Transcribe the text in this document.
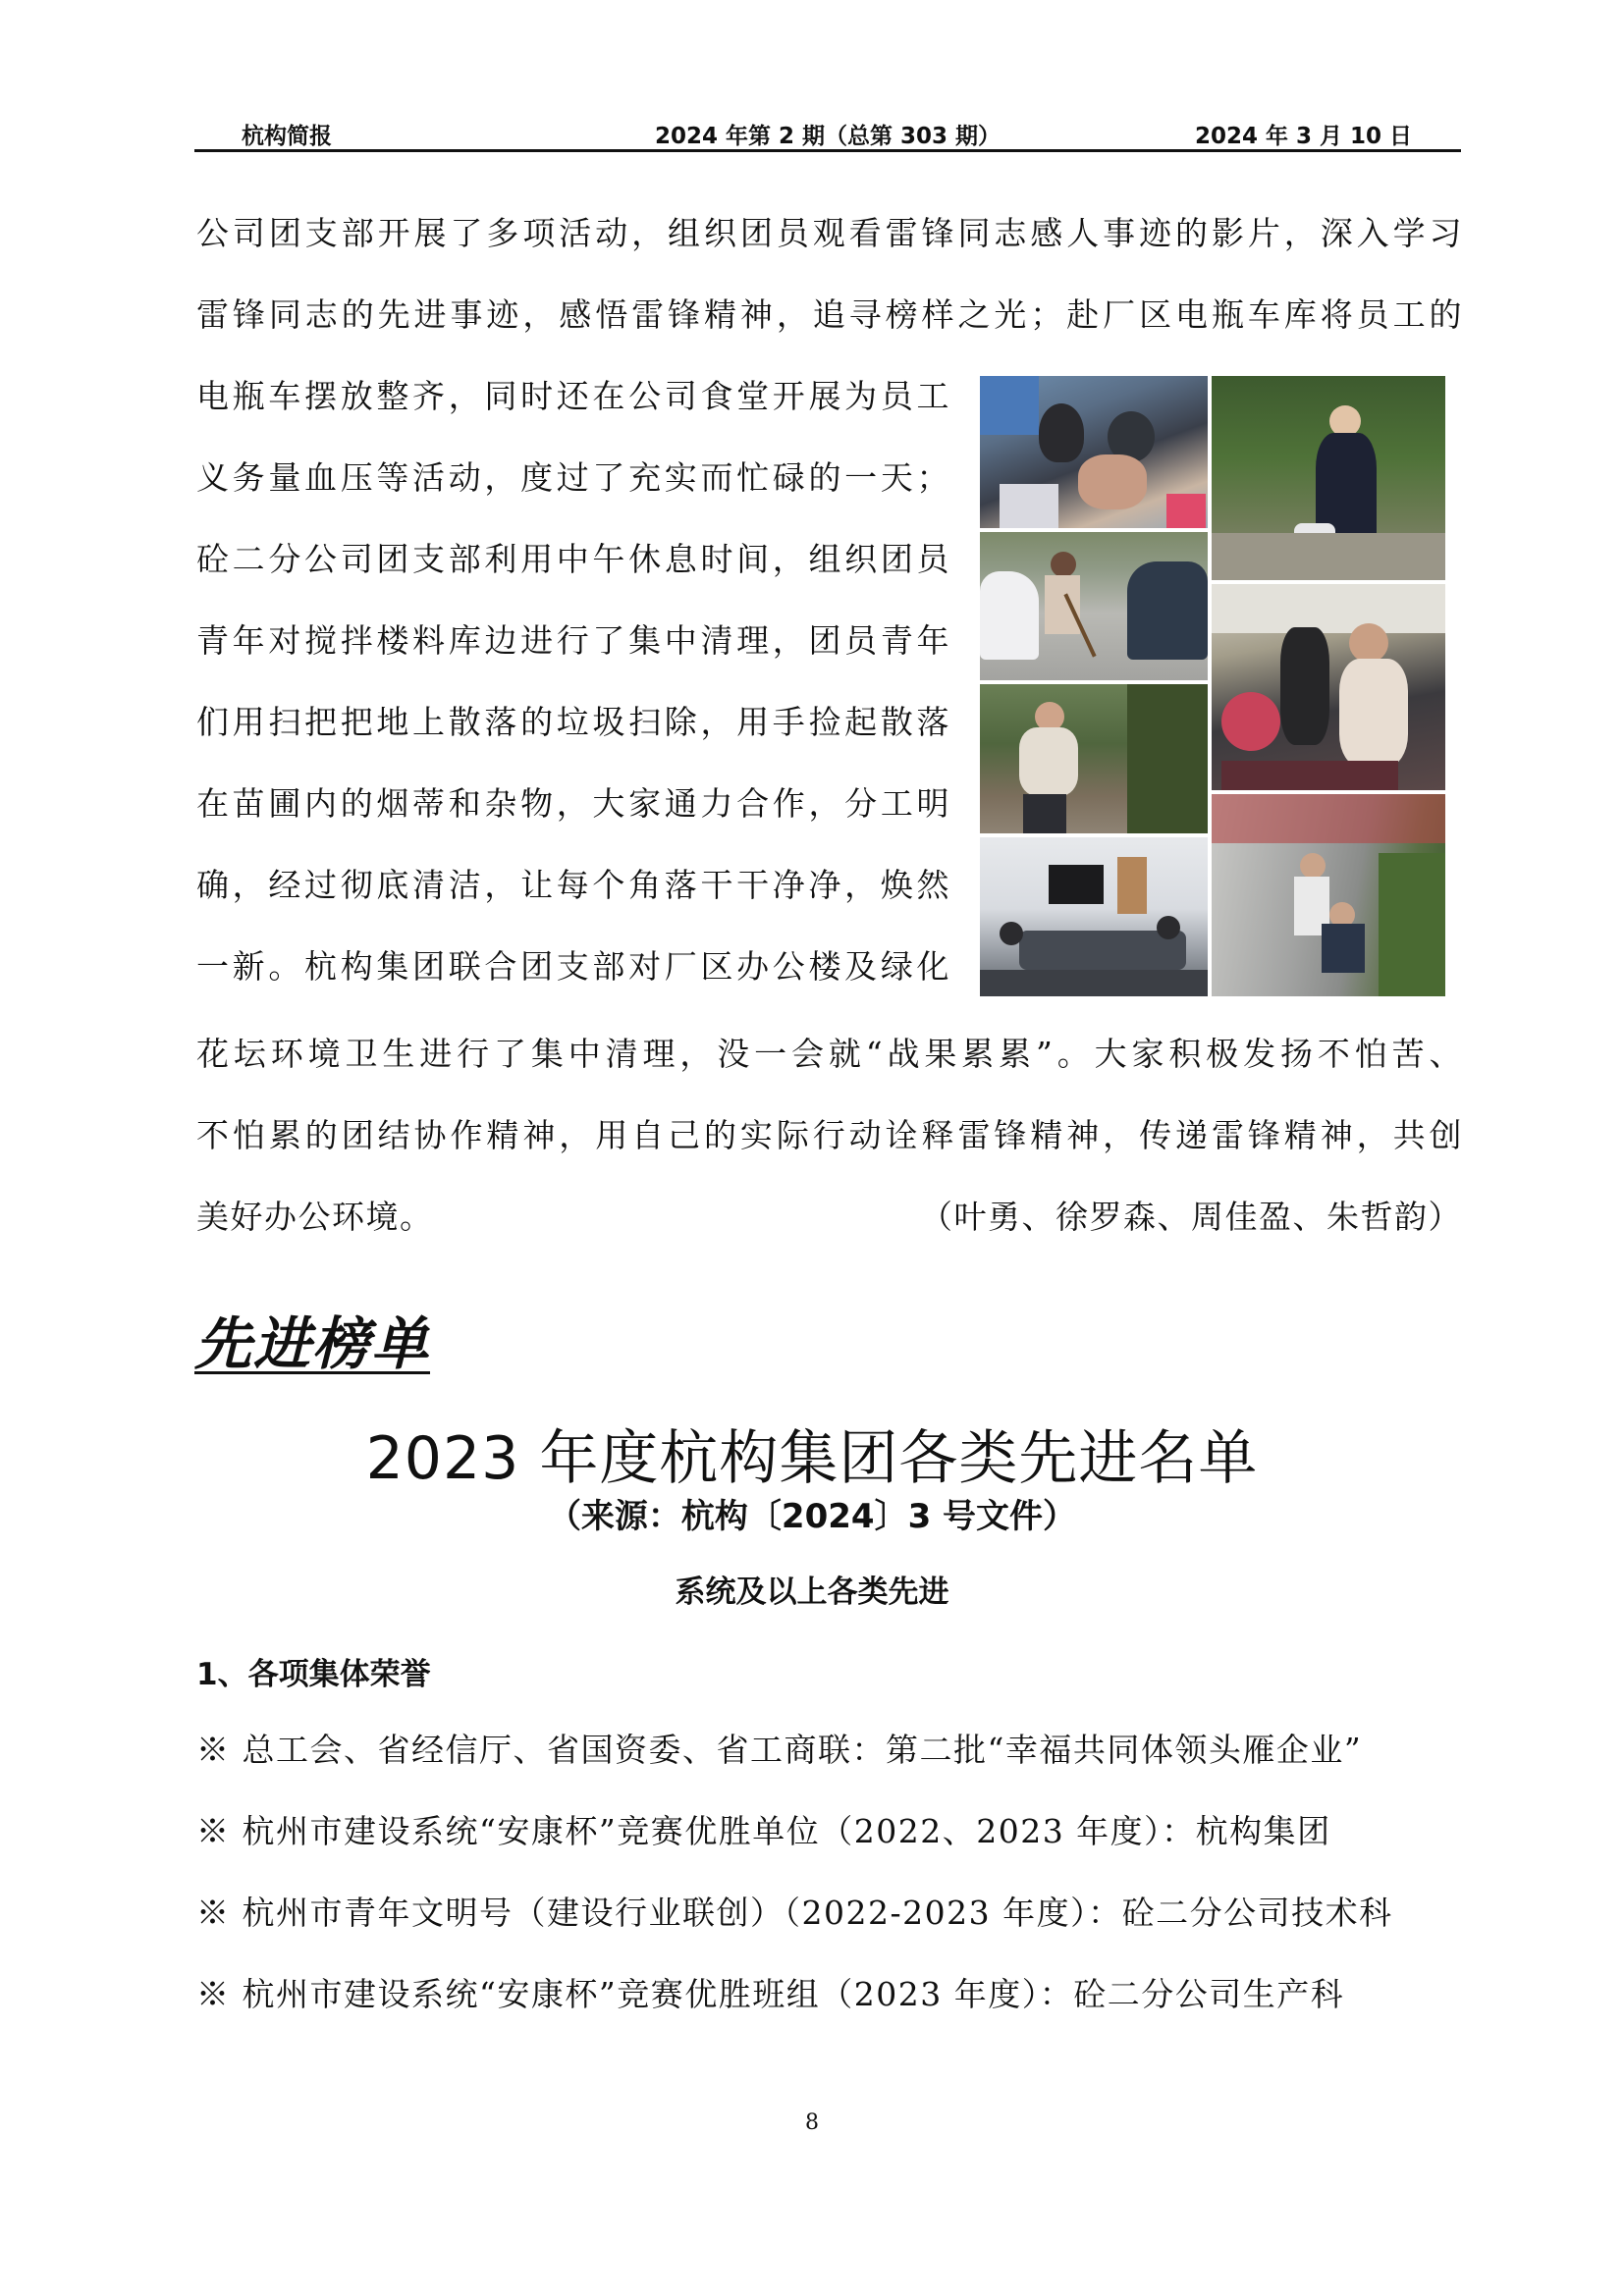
杭构简报	2024 年第 2 期（总第 303 期）	2024 年 3 月 10 日
公司团支部开展了多项活动，组织团员观看雷锋同志感人事迹的影片，深入学习
雷锋同志的先进事迹，感悟雷锋精神，追寻榜样之光；赴厂区电瓶车库将员工的
电瓶车摆放整齐，同时还在公司食堂开展为员工
义务量血压等活动，度过了充实而忙碌的一天；
砼二分公司团支部利用中午休息时间，组织团员
青年对搅拌楼料库边进行了集中清理，团员青年
们用扫把把地上散落的垃圾扫除，用手捡起散落
在苗圃内的烟蒂和杂物，大家通力合作，分工明
确，经过彻底清洁，让每个角落干干净净，焕然
一新。杭构集团联合团支部对厂区办公楼及绿化
花坛环境卫生进行了集中清理，没一会就“战果累累”。大家积极发扬不怕苦、
不怕累的团结协作精神，用自己的实际行动诠释雷锋精神，传递雷锋精神，共创
美好办公环境。	（叶勇、徐罗森、周佳盈、朱哲韵）
先进榜单
2023 年度杭构集团各类先进名单
（来源：杭构〔2024〕3 号文件）
系统及以上各类先进
1、各项集体荣誉
※ 总工会、省经信厅、省国资委、省工商联：第二批“幸福共同体领头雁企业”
※ 杭州市建设系统“安康杯”竞赛优胜单位（2022、2023 年度）：杭构集团
※ 杭州市青年文明号（建设行业联创）（2022-2023 年度）：砼二分公司技术科
※ 杭州市建设系统“安康杯”竞赛优胜班组（2023 年度）：砼二分公司生产科
8
